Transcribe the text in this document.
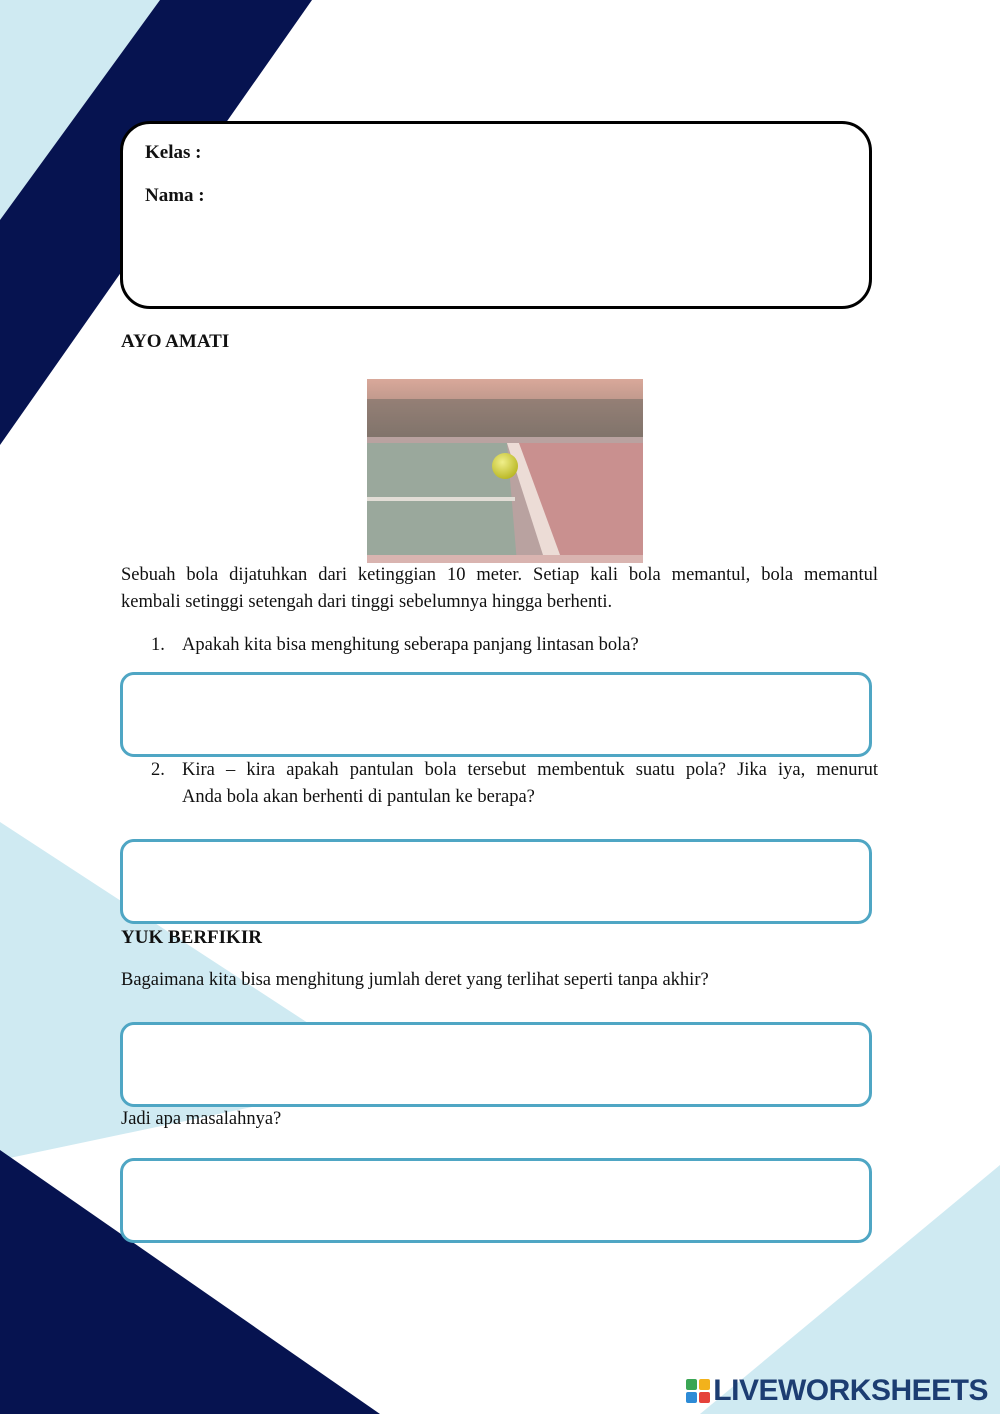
Kelas :
Nama :
AYO AMATI
Sebuah bola dijatuhkan dari ketinggian 10 meter. Setiap kali bola memantul, bola memantul
kembali setinggi setengah dari tinggi sebelumnya hingga berhenti.
1. Apakah kita bisa menghitung seberapa panjang lintasan bola?
2. Kira – kira apakah pantulan bola tersebut membentuk suatu pola? Jika iya, menurut
Anda bola akan berhenti di pantulan ke berapa?
YUK BERFIKIR
Bagaimana kita bisa menghitung jumlah deret yang terlihat seperti tanpa akhir?
Jadi apa masalahnya?
LIVEWORKSHEETS
